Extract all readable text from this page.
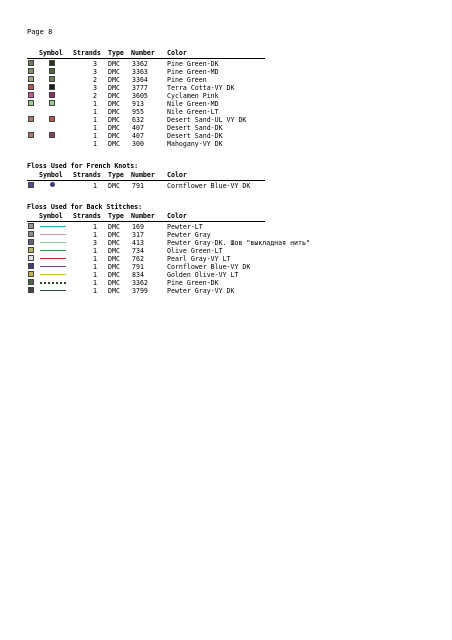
Page 8
Symbol Strands Type Number Color
3 DMC 3362	Pine Green-DK
3 DMC 3363	Pine Green-MD
2 DMC 3364	Pine Green
3 DMC 3777	Terra Cotta-VY DK
2 DMC 3605	Cyclamen Pink
1 DMC 913	Nile Green-MD
1 DMC 955	Nile Green-LT
1 DMC 632	Desert Sand-UL VY DK
1 DMC 407	Desert Sand-DK
1 DMC 407	Desert Sand-DK
1 DMC 300	Mahogany-VY DK
Floss Used for French Knots:
Symbol Strands Type Number Color
1 DMC 791	Cornflower Blue-VY DK
Floss Used for Back Stitches:
Symbol Strands Type Number Color
1 DMC 169	Pewter-LT
1 DMC 317	Pewter Gray
3 DMC 413	Pewter Gray-DK. Шов "выкладная нить"
1 DMC 734	Olive Green-LT
1 DMC 762	Pearl Gray-VY LT
1 DMC 791	Cornflower Blue-VY DK
1 DMC 834	Golden Olive-VY LT
1 DMC 3362	Pine Green-DK
1 DMC 3799	Pewter Gray-VY DK
